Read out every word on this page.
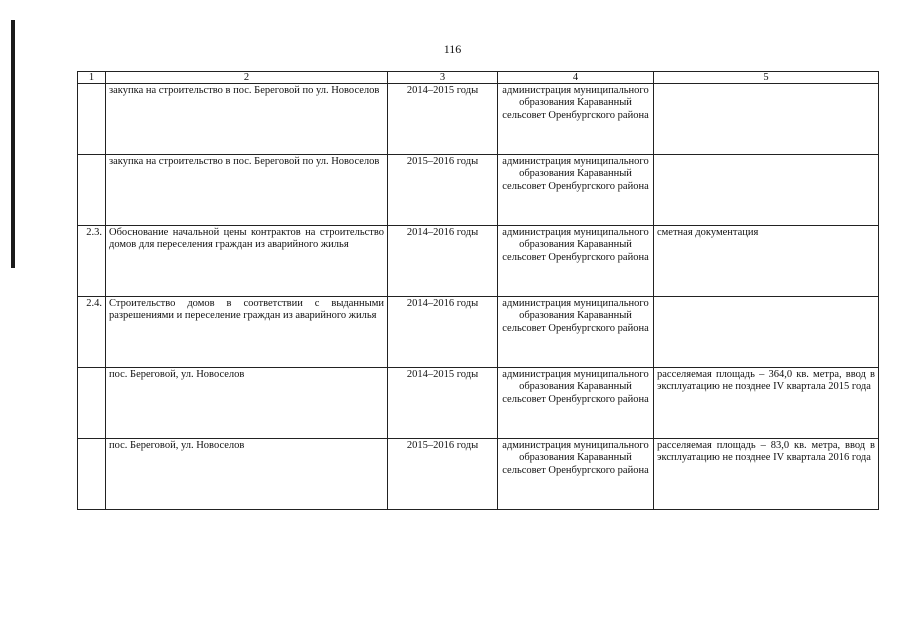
116
1	2	3	4	5
	закупка на строительство в пос. Береговой по ул. Новоселов	2014–2015 годы	администрация муниципального образования Караванный сельсовет Оренбургского района	
	закупка на строительство в пос. Береговой по ул. Новоселов	2015–2016 годы	администрация муниципального образования Караванный сельсовет Оренбургского района	
2.3.	Обоснование начальной цены контрактов на строительство домов для переселения граждан из аварийного жилья	2014–2016 годы	администрация муниципального образования Караванный сельсовет Оренбургского района	сметная документация
2.4.	Строительство домов в соответствии с выданными разрешениями и переселение граждан из аварийного жилья	2014–2016 годы	администрация муниципального образования Караванный сельсовет Оренбургского района	
	пос. Береговой, ул. Новоселов	2014–2015 годы	администрация муниципального образования Караванный сельсовет Оренбургского района	расселяемая площадь – 364,0 кв. метра, ввод в эксплуатацию не позднее IV квартала 2015 года
	пос. Береговой, ул. Новоселов	2015–2016 годы	администрация муниципального образования Караванный сельсовет Оренбургского района	расселяемая площадь – 83,0 кв. метра, ввод в эксплуатацию не позднее IV квартала 2016 года
